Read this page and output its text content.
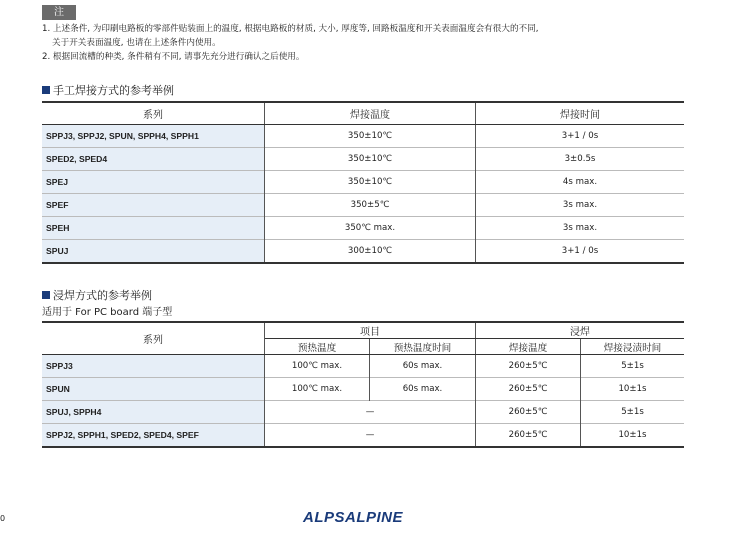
注
1. 上述条件, 为印刷电路板的零部件贴装面上的温度, 根据电路板的材质, 大小, 厚度等, 回路板温度和开关表面温度会有很大的不同,
关于开关表面温度, 也请在上述条件内使用。
2. 根据回流槽的种类, 条件稍有不同, 请事先充分进行确认之后使用。
手工焊接方式的参考举例
系列	焊接温度	焊接时间
SPPJ3, SPPJ2, SPUN, SPPH4, SPPH1	350±10℃	3+1 / 0s
SPED2, SPED4	350±10℃	3±0.5s
SPEJ	350±10℃	4s max.
SPEF	350±5℃	3s max.
SPEH	350℃ max.	3s max.
SPUJ	300±10℃	3+1 / 0s
浸焊方式的参考举例
适用于 For PC board 端子型
系列	项目		浸焊	
	预热温度	预热温度时间	焊接温度	焊接浸渍时间
SPPJ3	100℃ max.	60s max.	260±5℃	5±1s
SPUN	100℃ max.	60s max.	260±5℃	10±1s
SPUJ, SPPH4	—		260±5℃	5±1s
SPPJ2, SPPH1, SPED2, SPED4, SPEF	—		260±5℃	10±1s
0	ALPSALPINE
